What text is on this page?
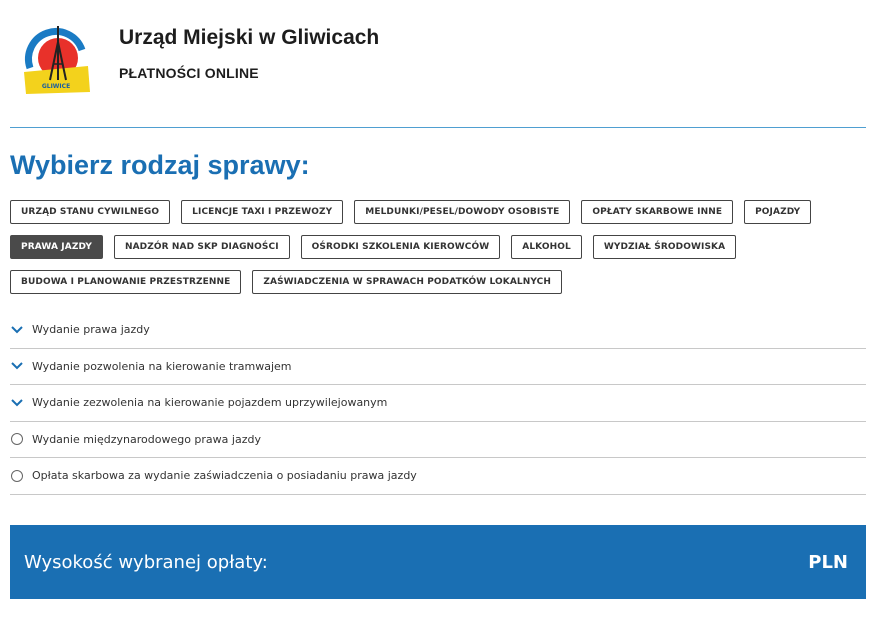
GLIWICE
Urząd Miejski w Gliwicach
PŁATNOŚCI ONLINE
Wybierz rodzaj sprawy:
URZĄD STANU CYWILNEGO	LICENCJE TAXI I PRZEWOZY	MELDUNKI/PESEL/DOWODY OSOBISTE	OPŁATY SKARBOWE INNE	POJAZDY
PRAWA JAZDY	NADZÓR NAD SKP DIAGNOŚCI	OŚRODKI SZKOLENIA KIEROWCÓW	ALKOHOL	WYDZIAŁ ŚRODOWISKA
BUDOWA I PLANOWANIE PRZESTRZENNE	ZAŚWIADCZENIA W SPRAWACH PODATKÓW LOKALNYCH
Wydanie prawa jazdy
Wydanie pozwolenia na kierowanie tramwajem
Wydanie zezwolenia na kierowanie pojazdem uprzywilejowanym
Wydanie międzynarodowego prawa jazdy
Opłata skarbowa za wydanie zaświadczenia o posiadaniu prawa jazdy
Wysokość wybranej opłaty:	PLN
